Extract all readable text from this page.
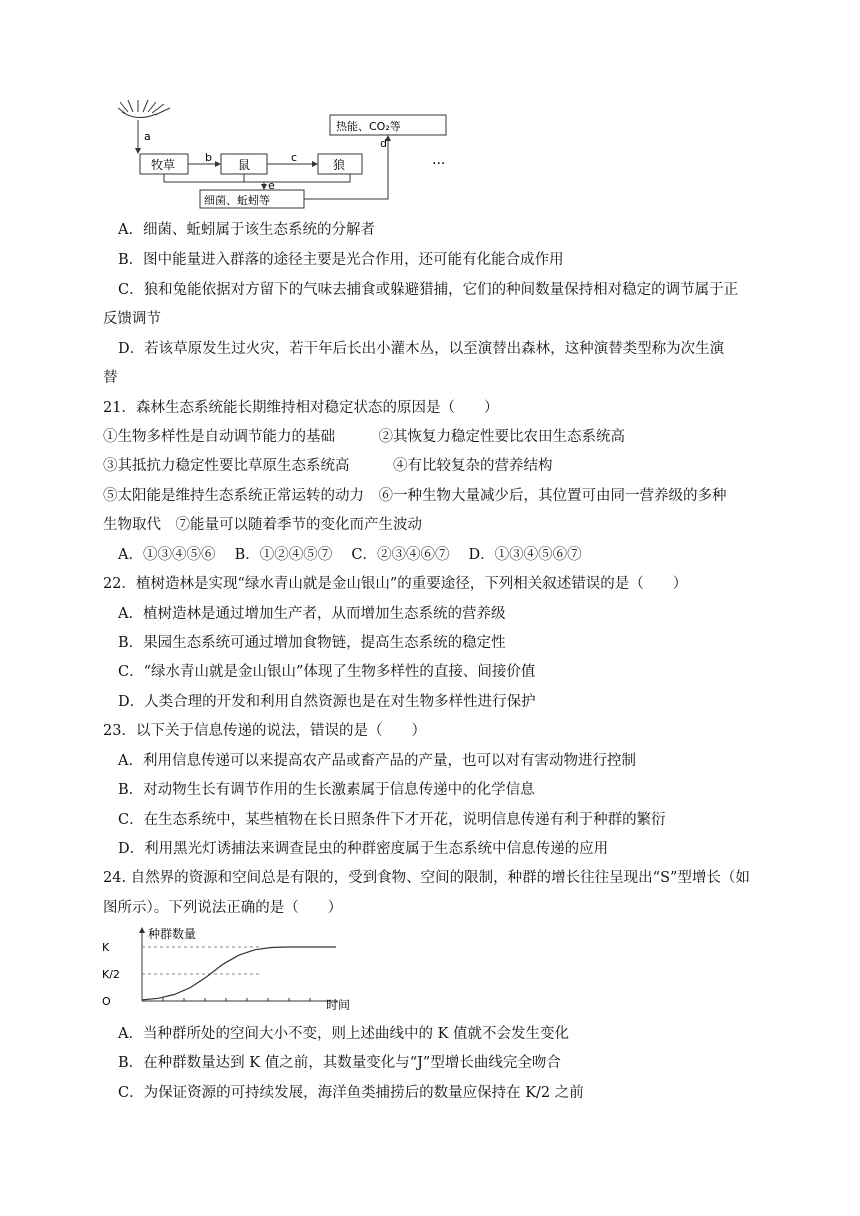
a
牧草	鼠	狼
b	c
热能、CO₂等
···
细菌、蚯蚓等
e
d
A．细菌、蚯蚓属于该生态系统的分解者
B．图中能量进入群落的途径主要是光合作用，还可能有化能合成作用
C．狼和兔能依据对方留下的气味去捕食或躲避猎捕，它们的种间数量保持相对稳定的调节属于正
反馈调节
D．若该草原发生过火灾，若干年后长出小灌木丛，以至演替出森林，这种演替类型称为次生演
替
21．森林生态系统能长期维持相对稳定状态的原因是（　　）
①生物多样性是自动调节能力的基础　　　②其恢复力稳定性要比农田生态系统高
③其抵抗力稳定性要比草原生态系统高　　　④有比较复杂的营养结构
⑤太阳能是维持生态系统正常运转的动力　⑥一种生物大量减少后，其位置可由同一营养级的多种
生物取代　⑦能量可以随着季节的变化而产生波动
A．①③④⑤⑥　 B．①②④⑤⑦　 C．②③④⑥⑦　 D．①③④⑤⑥⑦
22．植树造林是实现“绿水青山就是金山银山”的重要途径，下列相关叙述错误的是（　　）
A．植树造林是通过增加生产者，从而增加生态系统的营养级
B．果园生态系统可通过增加食物链，提高生态系统的稳定性
C．“绿水青山就是金山银山”体现了生物多样性的直接、间接价值
D．人类合理的开发和利用自然资源也是在对生物多样性进行保护
23．以下关于信息传递的说法，错误的是（　　）
A．利用信息传递可以来提高农产品或畜产品的产量，也可以对有害动物进行控制
B．对动物生长有调节作用的生长激素属于信息传递中的化学信息
C．在生态系统中，某些植物在长日照条件下才开花，说明信息传递有利于种群的繁衍
D．利用黑光灯诱捕法来调查昆虫的种群密度属于生态系统中信息传递的应用
24. 自然界的资源和空间总是有限的，受到食物、空间的限制，种群的增长往往呈现出“S”型增长（如
图所示）。下列说法正确的是（　　）
种群数量
时间
O
K/2
K
A．当种群所处的空间大小不变，则上述曲线中的 K 值就不会发生变化
B．在种群数量达到 K 值之前，其数量变化与“J”型增长曲线完全吻合
C．为保证资源的可持续发展，海洋鱼类捕捞后的数量应保持在 K/2 之前
